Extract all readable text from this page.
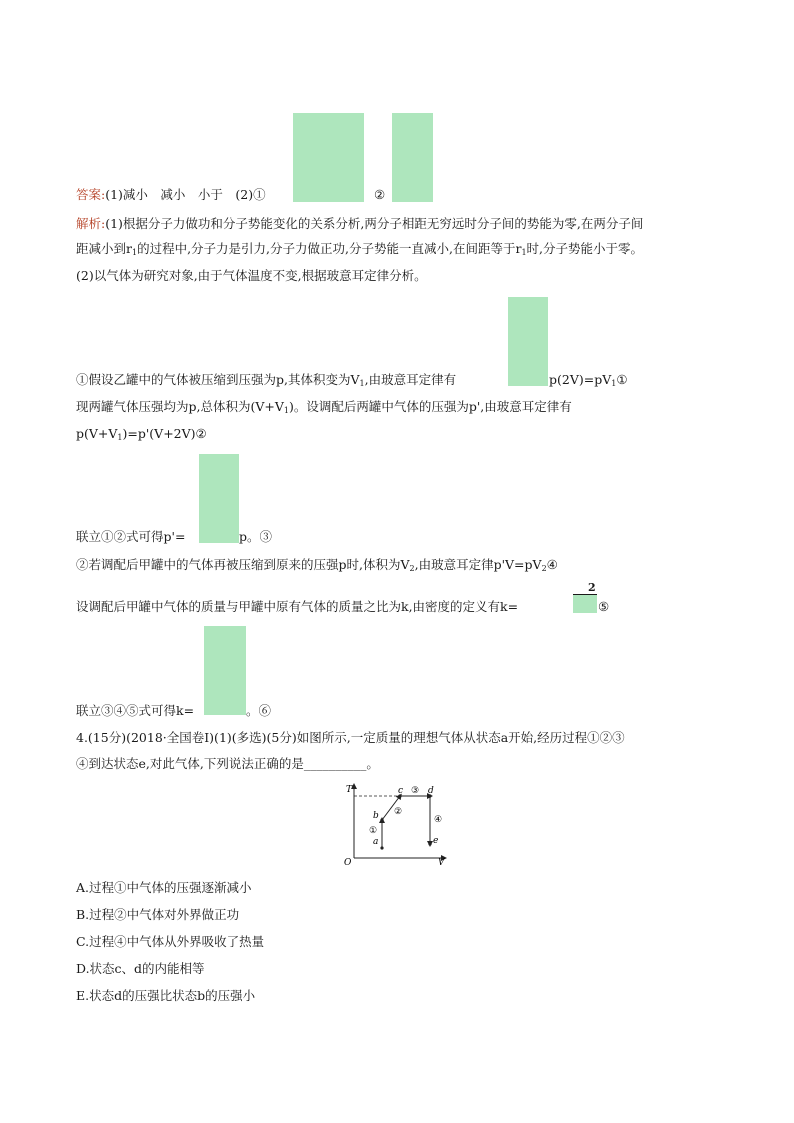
答案:(1)减小　减小　小于　(2)①	②
解析:(1)根据分子力做功和分子势能变化的关系分析,两分子相距无穷远时分子间的势能为零,在两分子间
距减小到$r_1$的过程中,分子力是引力,分子力做正功,分子势能一直减小,在间距等于$r_1$时,分子势能小于零。
(2)以气体为研究对象,由于气体温度不变,根据玻意耳定律分析。
①假设乙罐中的气体被压缩到压强为p,其体积变为$V_1$,由玻意耳定律有	$p(2V)=pV_1①$
现两罐气体压强均为p,总体积为$(V+V_1)$。设调配后两罐中气体的压强为p',由玻意耳定律有
$p(V+V_1)=p'(V+2V)②$
联立①②式可得p'=	p。③
②若调配后甲罐中的气体再被压缩到原来的压强p时,体积为$V_2$,由玻意耳定律$p'V=pV_2④$
设调配后甲罐中气体的质量与甲罐中原有气体的质量之比为k,由密度的定义有k=
2
⑤
联立③④⑤式可得k=	。⑥
4.(15分)(2018·全国卷Ⅰ)(1)(多选)(5分)如图所示,一定质量的理想气体从状态a开始,经历过程①②③
④到达状态e,对此气体,下列说法正确的是__________。
T
V
O
a
b
c	d
e
①
②
③
④
A.过程①中气体的压强逐渐减小
B.过程②中气体对外界做正功
C.过程④中气体从外界吸收了热量
D.状态c、d的内能相等
E.状态d的压强比状态b的压强小
